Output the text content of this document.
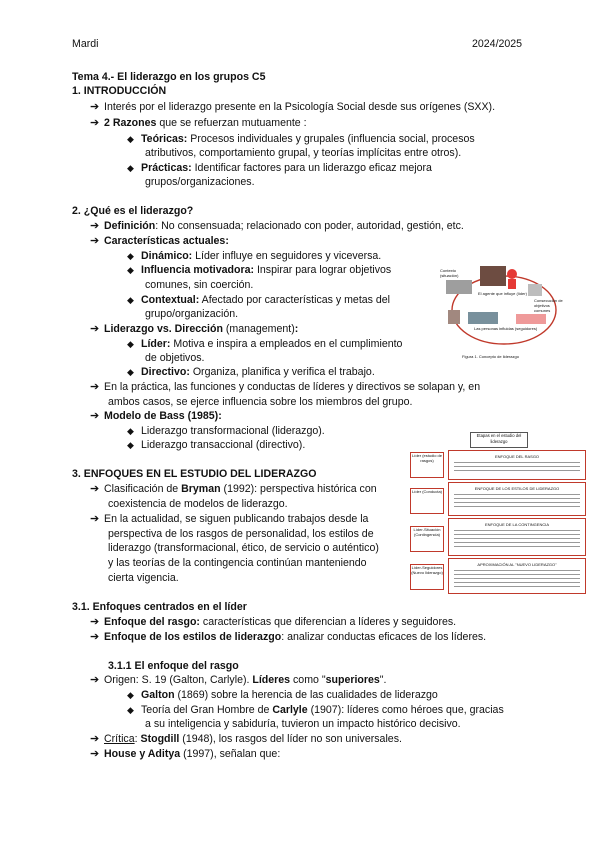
Mardi	2024/2025
Tema 4.- El liderazgo en los grupos C5
1. INTRODUCCIÓN
➔ Interés por el liderazgo presente en la Psicología Social desde sus orígenes (SXX).
➔ 2 Razones que se refuerzan mutuamente :
◆ Teóricas: Procesos individuales y grupales (influencia social, procesos
atributivos, comportamiento grupal, y teorías implícitas entre otros).
◆ Prácticas: Identificar factores para un liderazgo eficaz mejora
grupos/organizaciones.
2. ¿Qué es el liderazgo?
➔ Definición: No consensuada; relacionado con poder, autoridad, gestión, etc.
➔ Características actuales:
◆ Dinámico: Líder influye en seguidores y viceversa.
◆ Influencia motivadora: Inspirar para lograr objetivos
comunes, sin coerción.
◆ Contextual: Afectado por características y metas del
grupo/organización.
➔ Liderazgo vs. Dirección (management):
◆ Líder: Motiva e inspira a empleados en el cumplimiento
de objetivos.
◆ Directivo: Organiza, planifica y verifica el trabajo.
➔ En la práctica, las funciones y conductas de líderes y directivos se solapan y, en
ambos casos, se ejerce influencia sobre los miembros del grupo.
➔ Modelo de Bass (1985):
◆ Liderazgo transformacional (liderazgo).
◆ Liderazgo transaccional (directivo).
3. ENFOQUES EN EL ESTUDIO DEL LIDERAZGO
➔ Clasificación de Bryman (1992): perspectiva histórica con
coexistencia de modelos de liderazgo.
➔ En la actualidad, se siguen publicando trabajos desde la
perspectiva de los rasgos de personalidad, los estilos de
liderazgo (transformacional, ético, de servicio o auténtico)
y las teorías de la contingencia continúan manteniendo
cierta vigencia.
3.1. Enfoques centrados en el líder
➔ Enfoque del rasgo: características que diferencian a líderes y seguidores.
➔ Enfoque de los estilos de liderazgo: analizar conductas eficaces de los líderes.
3.1.1 El enfoque del rasgo
➔ Origen: S. 19 (Galton, Carlyle). Líderes como "superiores".
◆ Galton (1869) sobre la herencia de las cualidades de liderazgo
◆ Teoría del Gran Hombre de Carlyle (1907): líderes como héroes que, gracias
a su inteligencia y sabiduría, tuvieron un impacto histórico decisivo.
➔ Crítica: Stogdill (1948), los rasgos del líder no son universales.
➔ House y Aditya (1997), señalan que:
Contexto (situación)
El agente que influye (líder)
Consecución de objetivos comunes
Las personas influidas (seguidores)
Figura 1. Concepto de liderazgo
Etapas en el estudio del liderazgo
Líder (estudio de rasgos)
ENFOQUE DEL RASGO
Líder (Conducta)
ENFOQUE DE LOS ESTILOS DE LIDERAZGO
Líder-Situación (Contingencia)
ENFOQUE DE LA CONTINGENCIA
Líder-Seguidores (Nuevo liderazgo)
APROXIMACIÓN AL "NUEVO LIDERAZGO"
